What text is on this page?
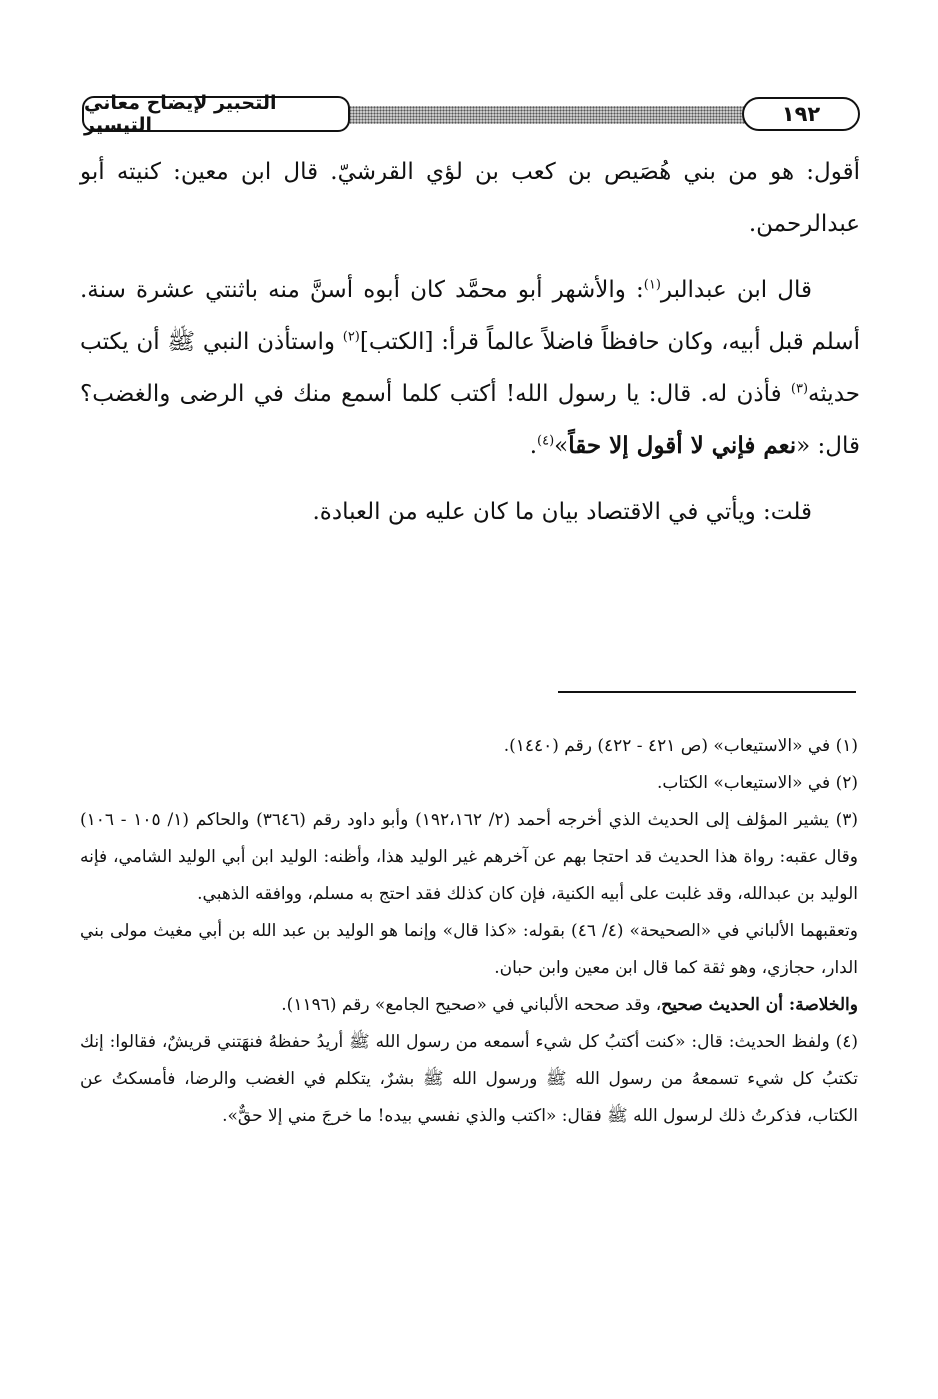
التحبير لإيضاح معاني التيسير	١٩٢

أقول: هو من بني هُصَيص بن كعب بن لؤي القرشيّ. قال ابن معين: كنيته أبو عبدالرحمن.

قال ابن عبدالبر$^{(١)}$: والأشهر أبو محمَّد كان أبوه أسنَّ منه باثنتي عشرة سنة. أسلم قبل أبيه، وكان حافظاً فاضلاً عالماً قرأ: [الكتب]$^{(٢)}$ واستأذن النبي ﷺ أن يكتب حديثه$^{(٣)}$ فأذن له. قال: يا رسول الله! أكتب كلما أسمع منك في الرضى والغضب؟ قال: «نعم فإني لا أقول إلا حقاً»$^{(٤)}$.

قلت: ويأتي في الاقتصاد بيان ما كان عليه من العبادة.

(١) في «الاستيعاب» (ص ٤٢١ - ٤٢٢) رقم (١٤٤٠).

(٢) في «الاستيعاب» الكتاب.

(٣) يشير المؤلف إلى الحديث الذي أخرجه أحمد (٢/ ١٩٢،١٦٢) وأبو داود رقم (٣٦٤٦) والحاكم (١/ ١٠٥ - ١٠٦) وقال عقبه: رواة هذا الحديث قد احتجا بهم عن آخرهم غير الوليد هذا، وأظنه: الوليد ابن أبي الوليد الشامي، فإنه الوليد بن عبدالله، وقد غلبت على أبيه الكنية، فإن كان كذلك فقد احتج به مسلم، ووافقه الذهبي.

وتعقبهما الألباني في «الصحيحة» (٤/ ٤٦) بقوله: «كذا قال» وإنما هو الوليد بن عبد الله بن أبي مغيث مولى بني الدار، حجازي، وهو ثقة كما قال ابن معين وابن حبان.

والخلاصة: أن الحديث صحيح، وقد صححه الألباني في «صحيح الجامع» رقم (١١٩٦).

(٤) ولفظ الحديث: قال: «كنت أكتبُ كل شيء أسمعه من رسول الله ﷺ أريدُ حفظهُ فنهَتني قريشٌ، فقالوا: إنك تكتبُ كل شيء تسمعهُ من رسول الله ﷺ ورسول الله ﷺ بشرٌ، يتكلم في الغضب والرضا، فأمسكتُ عن الكتاب، فذكرتُ ذلك لرسول الله ﷺ فقال: «اكتب والذي نفسي بيده! ما خرجَ مني إلا حقٌّ».
